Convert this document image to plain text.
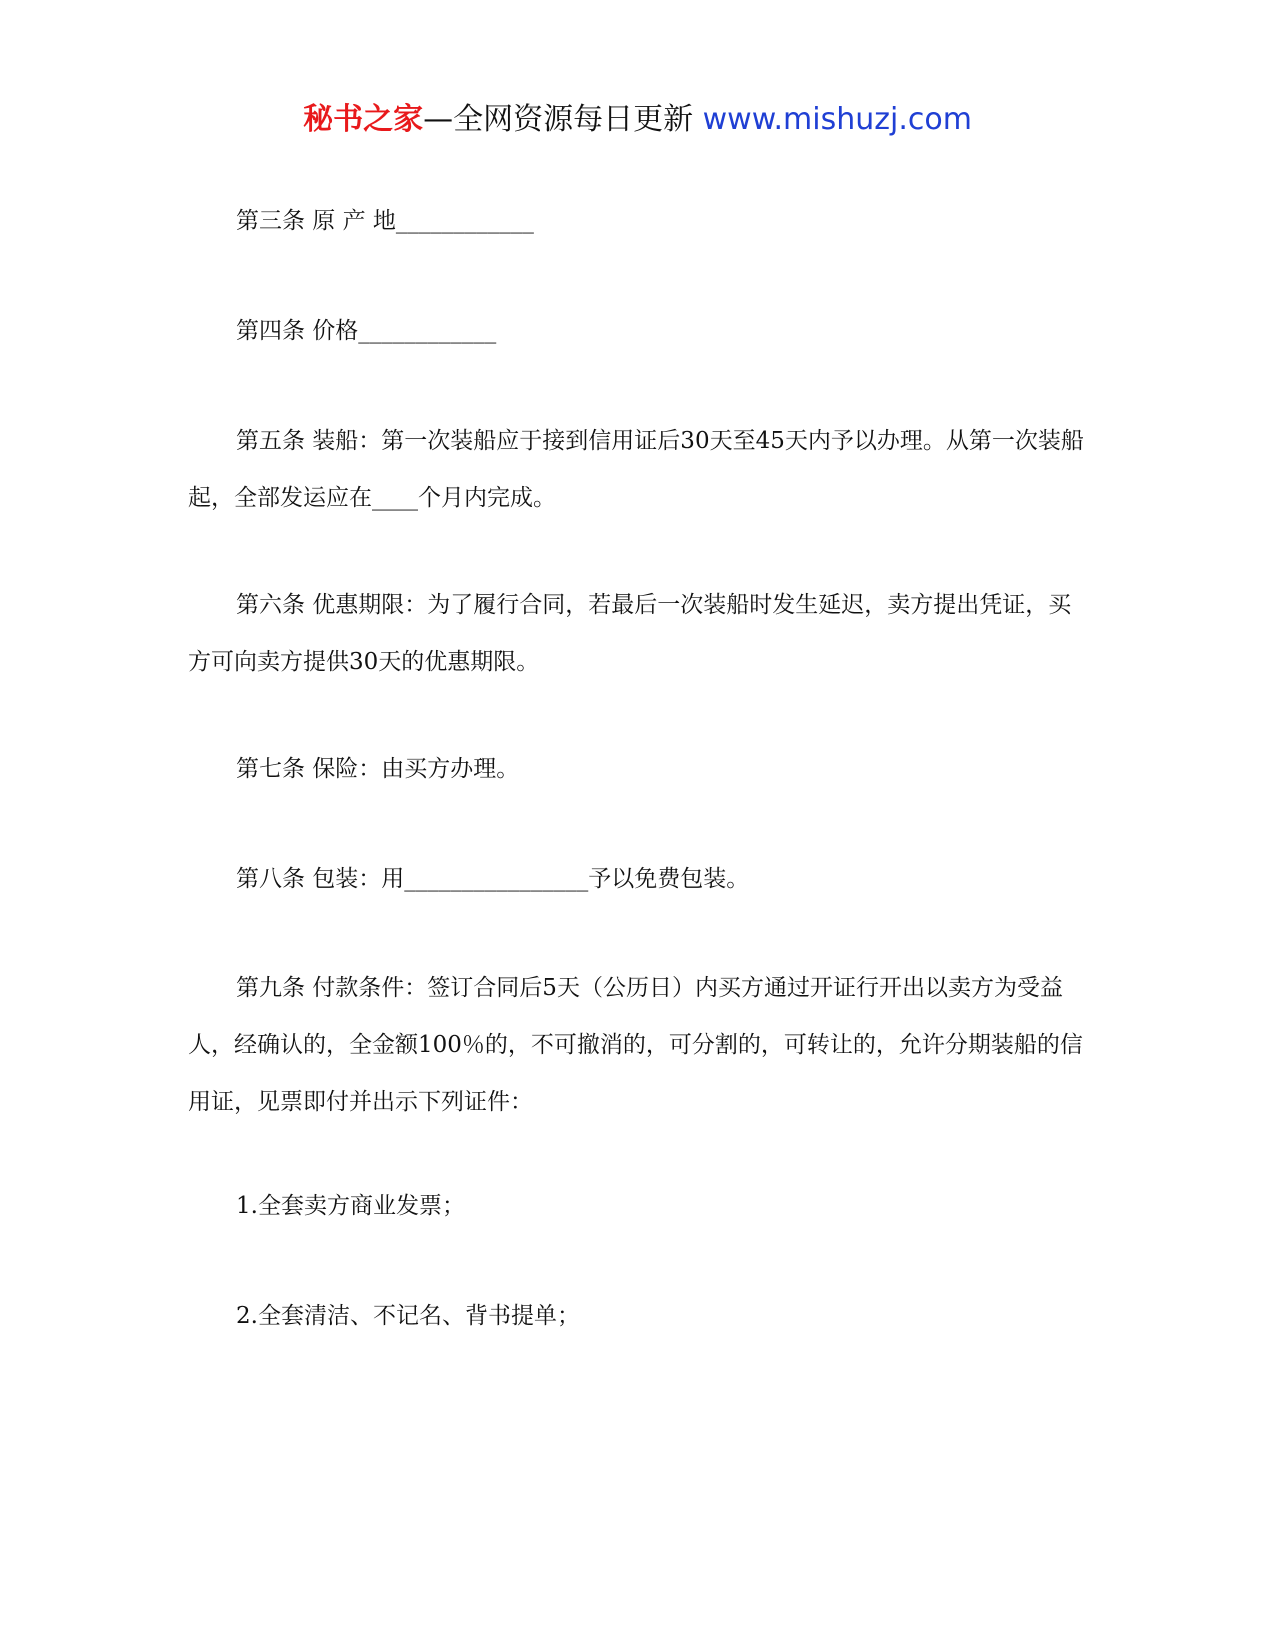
秘书之家—全网资源每日更新 www.mishuzj.com

第三条 原 产 地____________

第四条 价格____________

第五条 装船：第一次装船应于接到信用证后30天至45天内予以办理。从第一次装船起，全部发运应在____个月内完成。

第六条 优惠期限：为了履行合同，若最后一次装船时发生延迟，卖方提出凭证，买方可向卖方提供30天的优惠期限。

第七条 保险：由买方办理。

第八条 包装：用________________予以免费包装。

第九条 付款条件：签订合同后5天（公历日）内买方通过开证行开出以卖方为受益人，经确认的，全金额100％的，不可撤消的，可分割的，可转让的，允许分期装船的信用证，见票即付并出示下列证件：

1.全套卖方商业发票；

2.全套清洁、不记名、背书提单；
